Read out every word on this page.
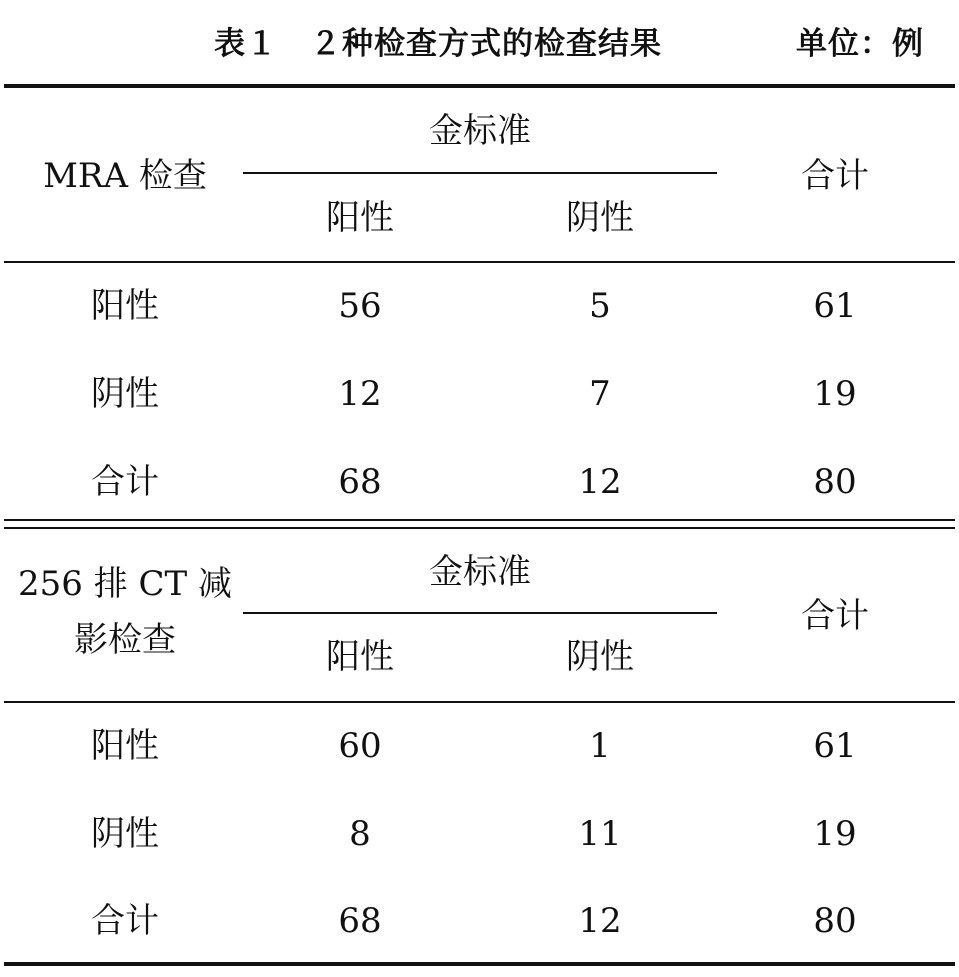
表１　２种检查方式的检查结果	单位：例
MRA 检查
金标准
阳性	阴性
合计
阳性	56	5	61
阴性	12	7	19
合计	68	12	80
256 排 CT 减
影检查
金标准
阳性	阴性
合计
阳性	60	1	61
阴性	8	11	19
合计	68	12	80
